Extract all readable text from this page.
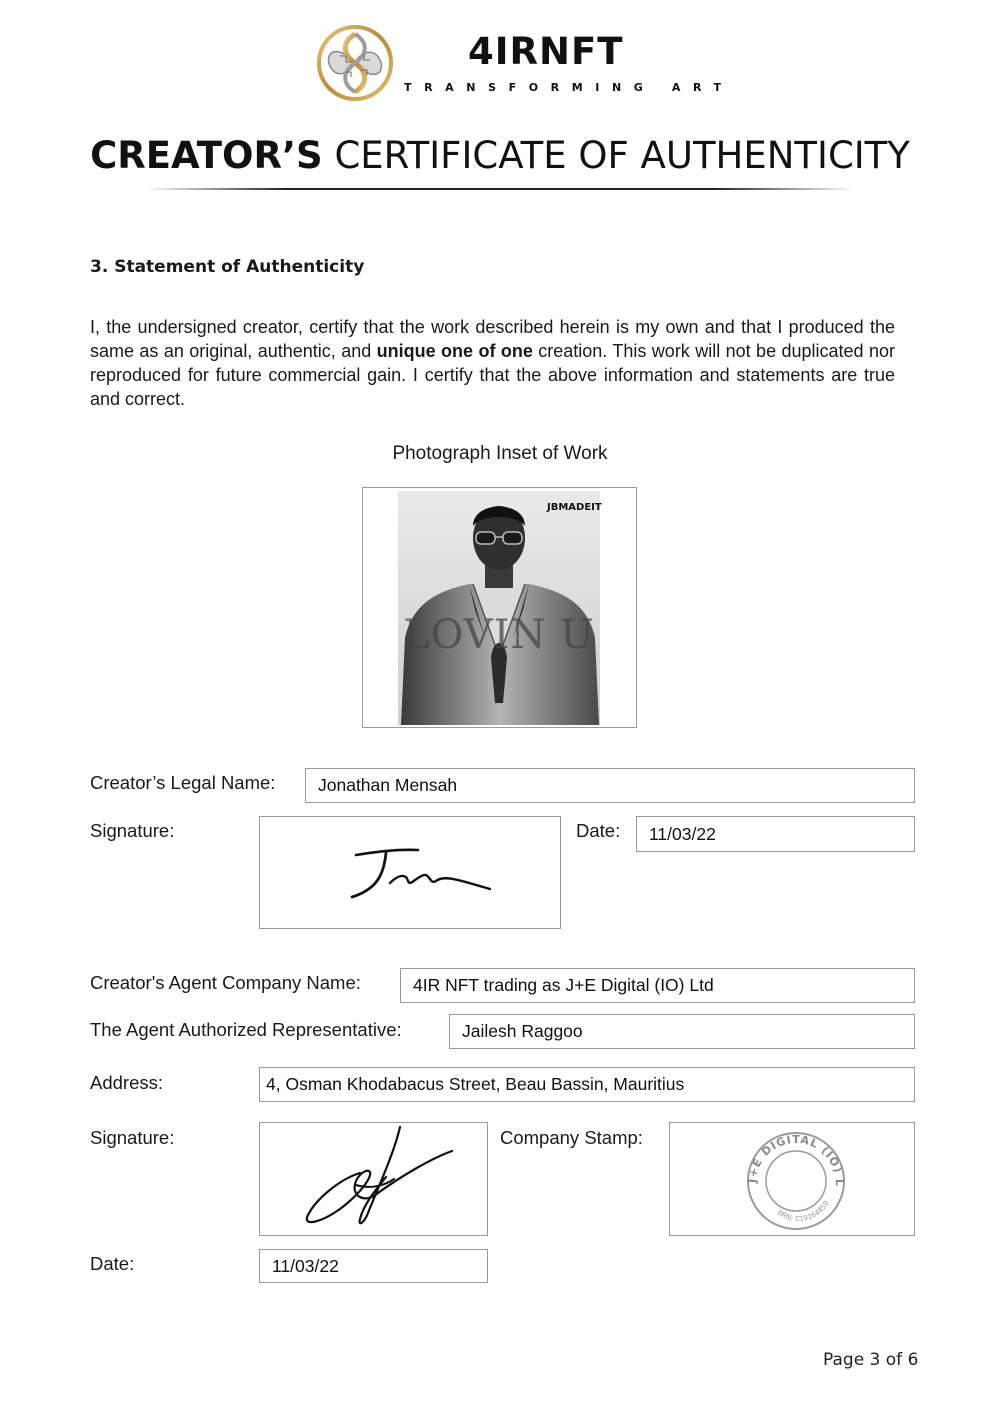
4IRNFT
TRANSFORMING ART
CREATOR’S CERTIFICATE OF AUTHENTICITY
3. Statement of Authenticity
I, the undersigned creator, certify that the work described herein is my own and that I produced the same as an original, authentic, and unique one of one creation. This work will not be duplicated nor reproduced for future commercial gain. I certify that the above information and statements are true and correct.
Photograph Inset of Work
JBMADEIT
LOVIN U
Creator’s Legal Name:	Jonathan Mensah
Signature:	Date:	11/03/22
Creator's Agent Company Name:	4IR NFT trading as J+E Digital (IO) Ltd
The Agent Authorized Representative:	Jailesh Raggoo
Address:	4, Osman Khodabacus Street, Beau Bassin, Mauritius
Signature:	Company Stamp:
J+E DIGITAL (IO) L
BRN: C19164859
Date:	11/03/22
Page 3 of 6
